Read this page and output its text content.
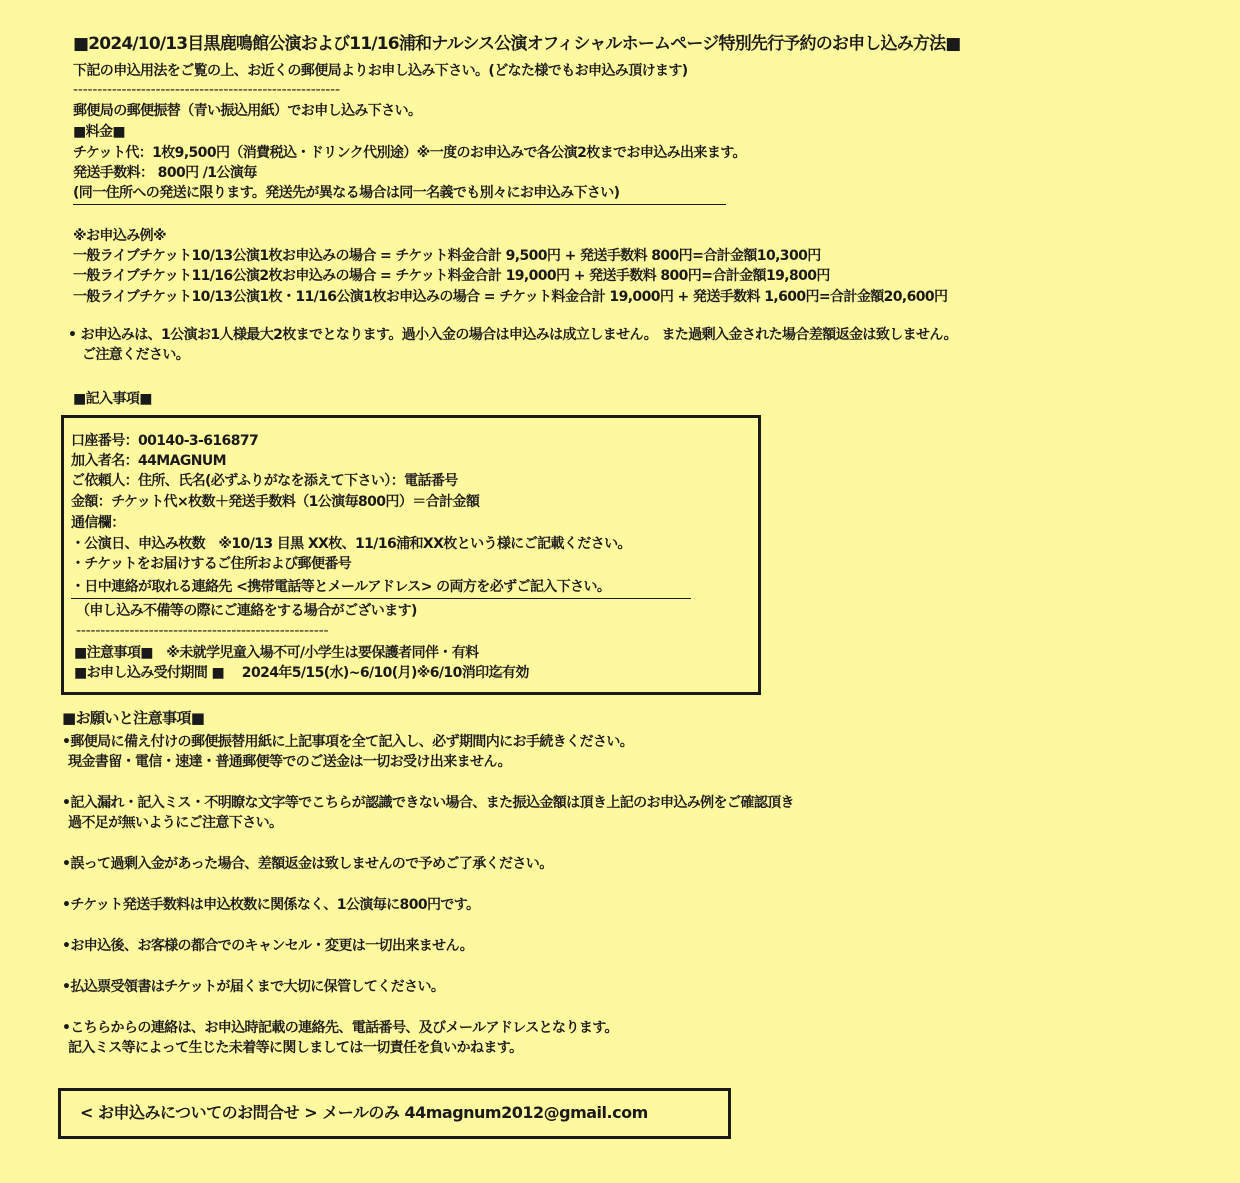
■2024/10/13目黒鹿鳴館公演および11/16浦和ナルシス公演オフィシャルホームページ特別先行予約のお申し込み方法■
下記の申込用法をご覧の上、お近くの郵便局よりお申し込み下さい。(どなた様でもお申込み頂けます)
-------------------------------------------------------
郵便局の郵便振替（青い振込用紙）でお申し込み下さい。
■料金■
チケット代：1枚9,500円（消費税込・ドリンク代別途）※一度のお申込みで各公演2枚までお申込み出来ます。
発送手数料： 800円 /1公演毎
(同一住所への発送に限ります。発送先が異なる場合は同一名義でも別々にお申込み下さい)
※お申込み例※
一般ライブチケット10/13公演1枚お申込みの場合 = チケット料金合計 9,500円 + 発送手数料 800円=合計金額10,300円
一般ライブチケット11/16公演2枚お申込みの場合 = チケット料金合計 19,000円 + 発送手数料 800円=合計金額19,800円
一般ライブチケット10/13公演1枚・11/16公演1枚お申込みの場合 = チケット料金合計 19,000円 + 発送手数料 1,600円=合計金額20,600円
• お申込みは、1公演お1人様最大2枚までとなります。過小入金の場合は申込みは成立しません。 また過剰入金された場合差額返金は致しません。
ご注意ください。
■記入事項■
口座番号：00140-3-616877
加入者名：44MAGNUM
ご依頼人：住所、氏名(必ずふりがなを添えて下さい）：電話番号
金額：チケット代×枚数＋発送手数料（1公演毎800円）＝合計金額
通信欄：
・公演日、申込み枚数　※10/13 目黒 XX枚、11/16浦和XX枚という様にご記載ください。
・チケットをお届けするご住所および郵便番号
・日中連絡が取れる連絡先 <携帯電話等とメールアドレス> の両方を必ずご記入下さい。
（申し込み不備等の際にご連絡をする場合がございます)
----------------------------------------------------
■注意事項■　※未就学児童入場不可/小学生は要保護者同伴・有料
■お申し込み受付期間 ■　 2024年5/15(水)~6/10(月)※6/10消印迄有効
■お願いと注意事項■
•郵便局に備え付けの郵便振替用紙に上記事項を全て記入し、必ず期間内にお手続きください。
現金書留・電信・速達・普通郵便等でのご送金は一切お受け出来ません。
•記入漏れ・記入ミス・不明瞭な文字等でこちらが認識できない場合、また振込金額は頂き上記のお申込み例をご確認頂き
過不足が無いようにご注意下さい。
•誤って過剰入金があった場合、差額返金は致しませんので予めご了承ください。
•チケット発送手数料は申込枚数に関係なく、1公演毎に800円です。
•お申込後、お客様の都合でのキャンセル・変更は一切出来ません。
•払込票受領書はチケットが届くまで大切に保管してください。
•こちらからの連絡は、お申込時記載の連絡先、電話番号、及びメールアドレスとなります。
記入ミス等によって生じた未着等に関しましては一切責任を負いかねます。
< お申込みについてのお問合せ > メールのみ 44magnum2012@gmail.com
